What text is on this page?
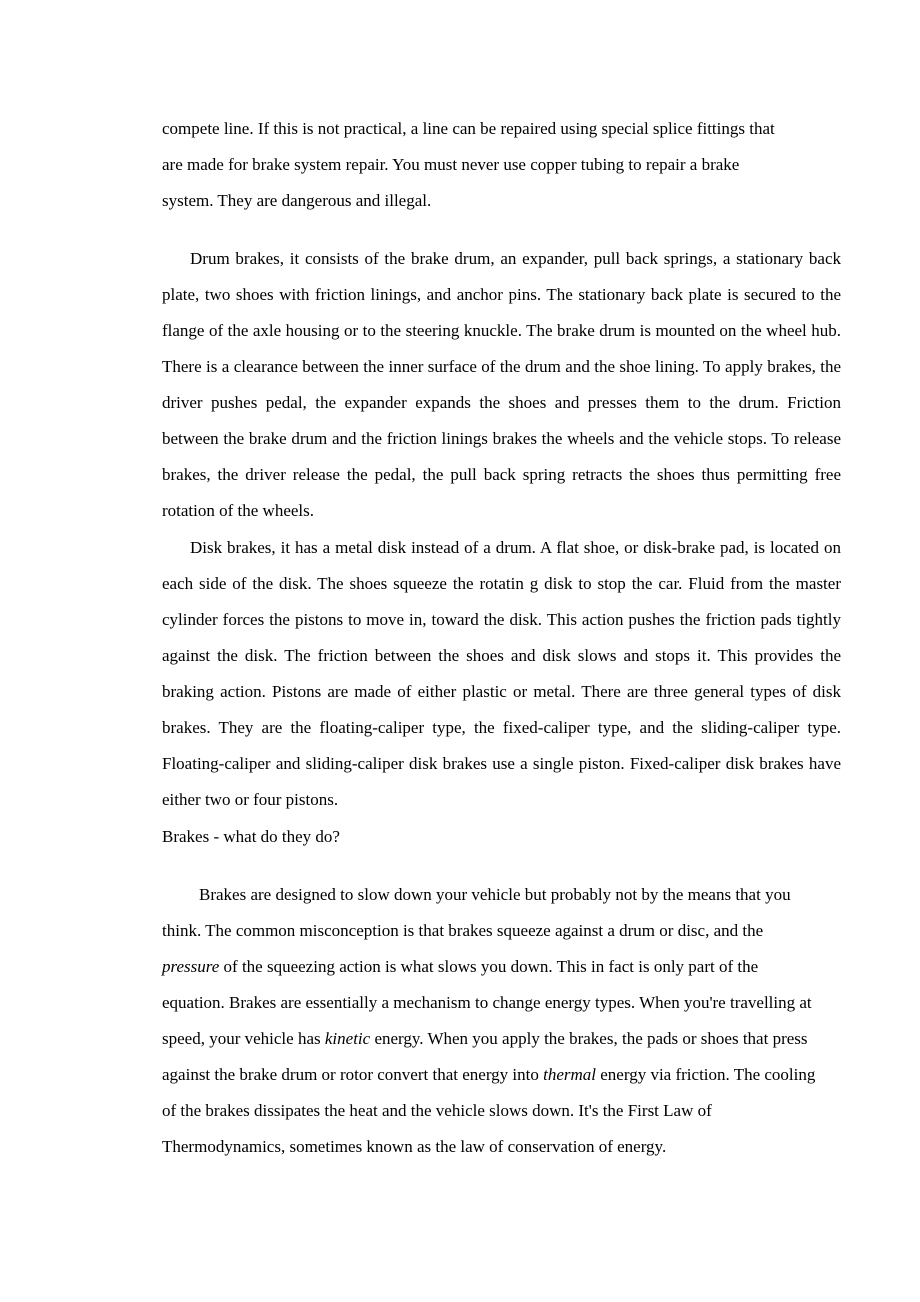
compete line. If this is not practical, a line can be repaired using special splice fittings that
are made for brake system repair. You must never use copper tubing to repair a brake
system. They are dangerous and illegal.

Drum brakes, it consists of the brake drum, an expander, pull back springs, a stationary back plate, two shoes with friction linings, and anchor pins. The stationary back plate is secured to the flange of the axle housing or to the steering knuckle. The brake drum is mounted on the wheel hub. There is a clearance between the inner surface of the drum and the shoe lining. To apply brakes, the driver pushes pedal, the expander expands the shoes and presses them to the drum. Friction between the brake drum and the friction linings brakes the wheels and the vehicle stops. To release brakes, the driver release the pedal, the pull back spring retracts the shoes thus permitting free rotation of the wheels.

Disk brakes, it has a metal disk instead of a drum. A flat shoe, or disk-brake pad, is located on each side of the disk. The shoes squeeze the rotatin g disk to stop the car. Fluid from the master cylinder forces the pistons to move in, toward the disk. This action pushes the friction pads tightly against the disk. The friction between the shoes and disk slows and stops it. This provides the braking action. Pistons are made of either plastic or metal. There are three general types of disk brakes. They are the floating-caliper type, the fixed-caliper type, and the sliding-caliper type. Floating-caliper and sliding-caliper disk brakes use a single piston. Fixed-caliper disk brakes have either two or four pistons.

Brakes - what do they do?

Brakes are designed to slow down your vehicle but probably not by the means that you think. The common misconception is that brakes squeeze against a drum or disc, and the pressure of the squeezing action is what slows you down. This in fact is only part of the equation. Brakes are essentially a mechanism to change energy types. When you're travelling at speed, your vehicle has kinetic energy. When you apply the brakes, the pads or shoes that press against the brake drum or rotor convert that energy into thermal energy via friction. The cooling of the brakes dissipates the heat and the vehicle slows down. It's the First Law of Thermodynamics, sometimes known as the law of conservation of energy.
